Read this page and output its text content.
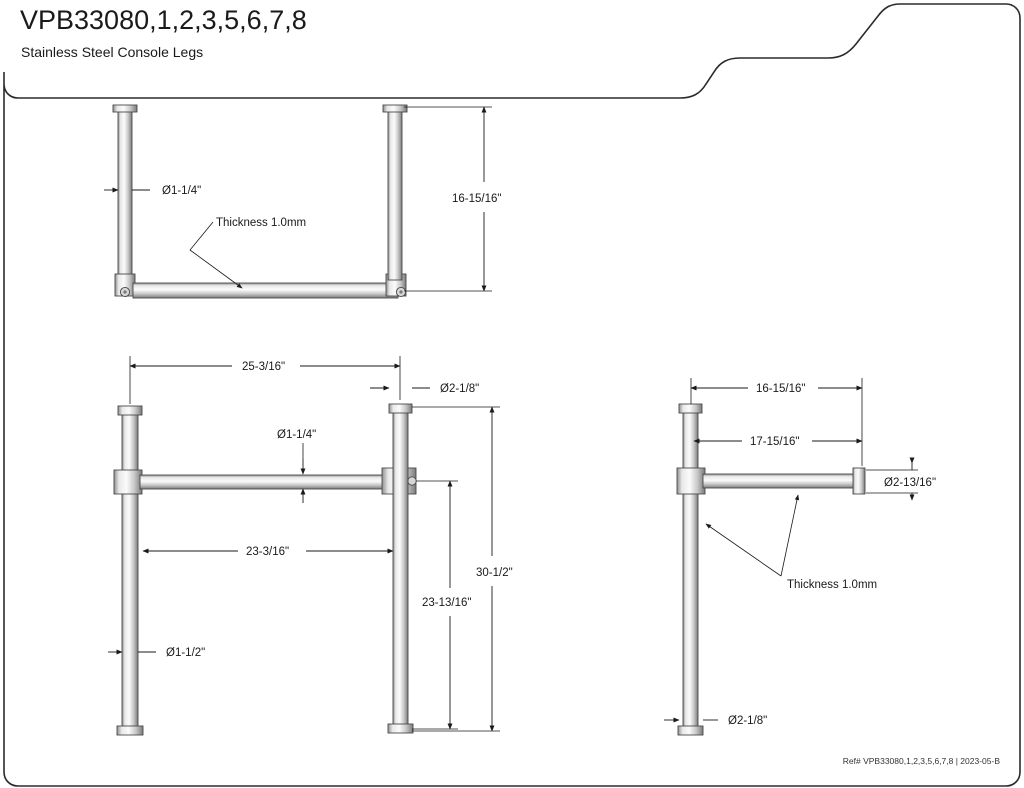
VPB33080,1,2,3,5,6,7,8
Stainless Steel Console Legs
Ref# VPB33080,1,2,3,5,6,7,8 | 2023-05-B
Ø1-1/4"
Thickness 1.0mm
16-15/16"
25-3/16"
Ø2-1/8"
Ø1-1/4"
23-3/16"
Ø1-1/2"
30-1/2"
23-13/16"
16-15/16"
17-15/16"
Ø2-13/16"
Thickness 1.0mm
Ø2-1/8"
